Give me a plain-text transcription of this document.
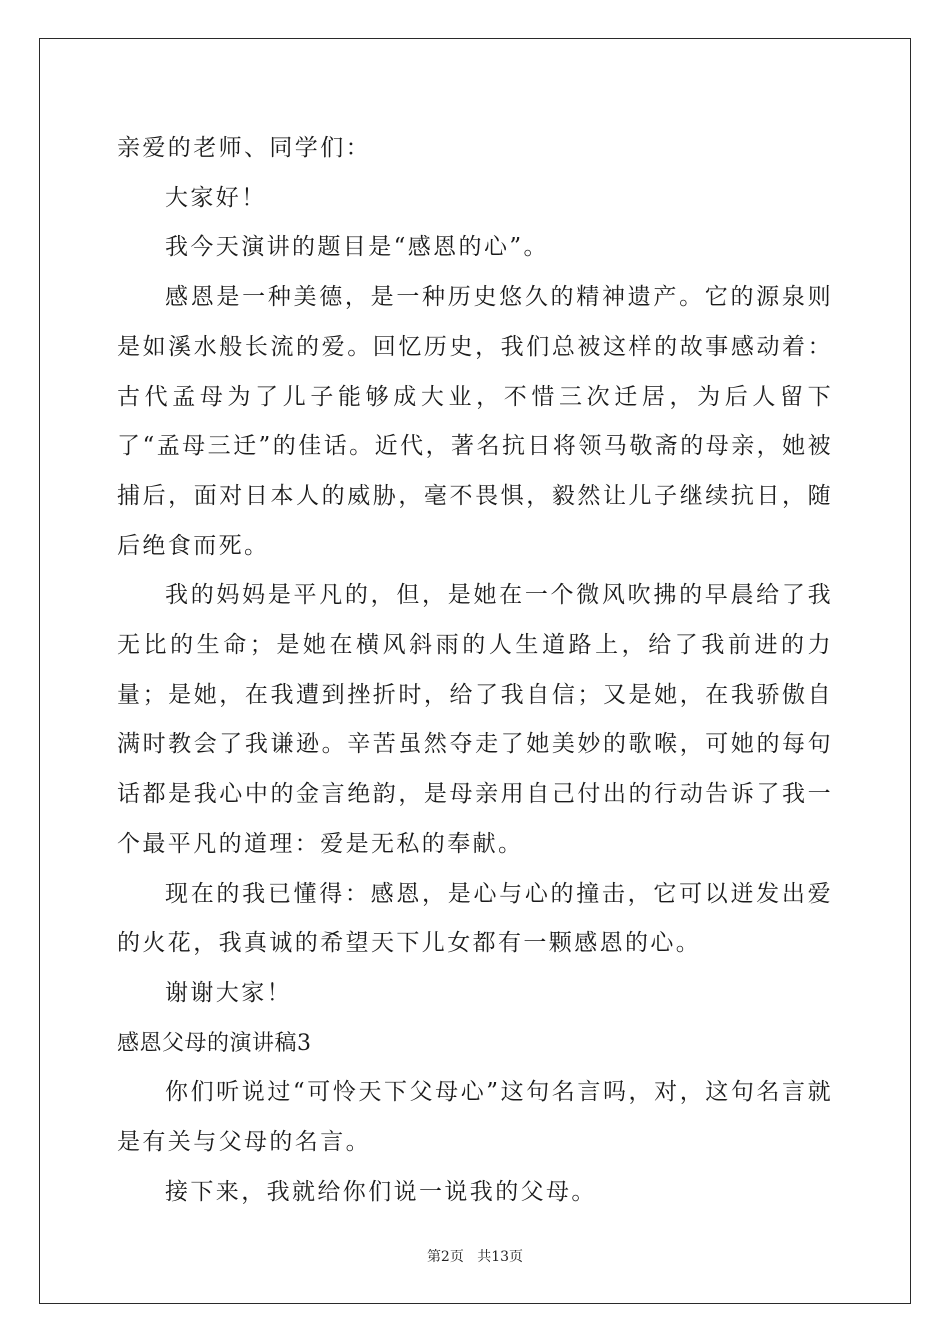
亲爱的老师、同学们：

大家好！

我今天演讲的题目是“感恩的心”。

感恩是一种美德，是一种历史悠久的精神遗产。它的源泉则是如溪水般长流的爱。回忆历史，我们总被这样的故事感动着：古代孟母为了儿子能够成大业，不惜三次迁居，为后人留下了“孟母三迁”的佳话。近代，著名抗日将领马敬斋的母亲，她被捕后，面对日本人的威胁，毫不畏惧，毅然让儿子继续抗日，随后绝食而死。

我的妈妈是平凡的，但，是她在一个微风吹拂的早晨给了我无比的生命；是她在横风斜雨的人生道路上，给了我前进的力量；是她，在我遭到挫折时，给了我自信；又是她，在我骄傲自满时教会了我谦逊。辛苦虽然夺走了她美妙的歌喉，可她的每句话都是我心中的金言绝韵，是母亲用自己付出的行动告诉了我一个最平凡的道理：爱是无私的奉献。

现在的我已懂得：感恩，是心与心的撞击，它可以迸发出爱的火花，我真诚的希望天下儿女都有一颗感恩的心。

谢谢大家！

感恩父母的演讲稿3

你们听说过“可怜天下父母心”这句名言吗，对，这句名言就是有关与父母的名言。

接下来，我就给你们说一说我的父母。

第2页 共13页
